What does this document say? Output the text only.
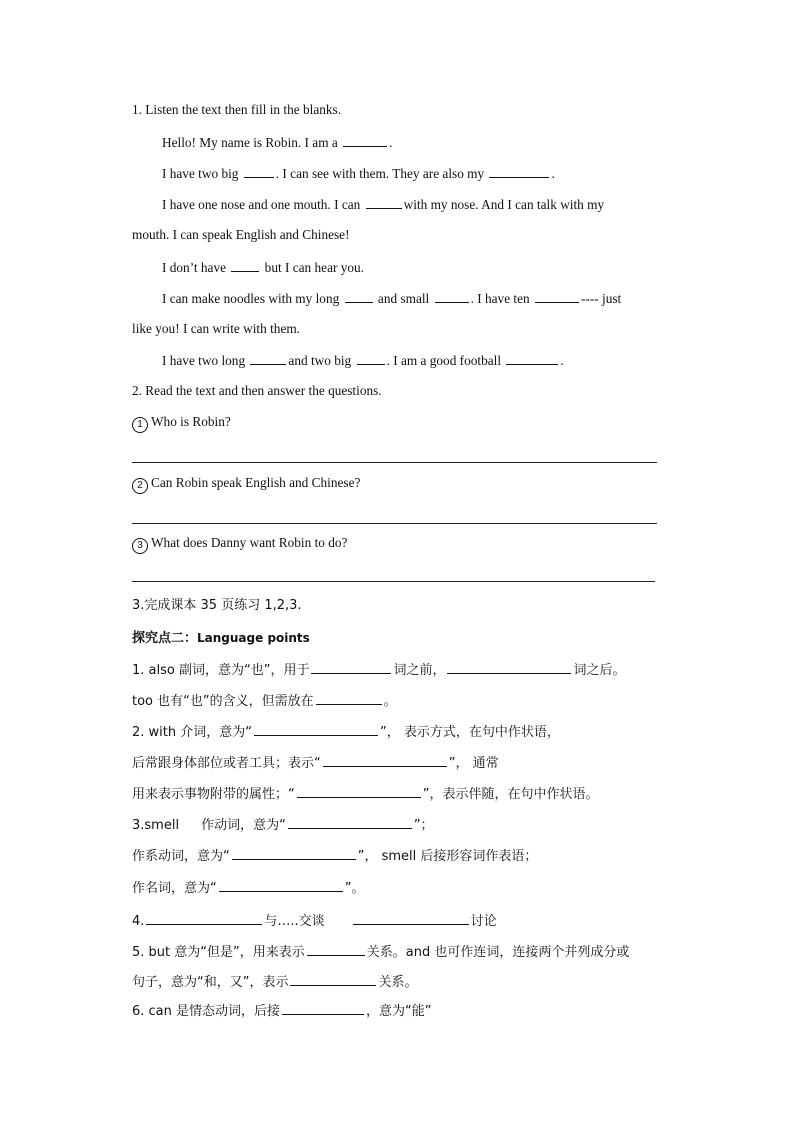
1. Listen the text then fill in the blanks.
Hello! My name is Robin. I am a	.
I have two big	. I can see with them. They are also my	.
I have one nose and one mouth. I can	with my nose. And I can talk with my
mouth. I can speak English and Chinese!
I don’t have	but I can hear you.
I can make noodles with my long	and small	. I have ten	---- just
like you! I can write with them.
I have two long	and two big	. I am a good football	.
2. Read the text and then answer the questions.
1 Who is Robin?
2 Can Robin speak English and Chinese?
3 What does Danny want Robin to do?
3.完成课本 35 页练习 1,2,3.
探究点二：Language points
1. also 副词，意为“也”，用于	词之前，	词之后。
too 也有“也”的含义，但需放在	。
2. with 介词，意为“	”， 表示方式，在句中作状语，
后常跟身体部位或者工具；表示“	”， 通常
用来表示事物附带的属性；“	”，表示伴随，在句中作状语。
3.smell 作动词，意为“	”；
作系动词，意为“	”， smell 后接形容词作表语；
作名词，意为“	”。
4.	与…..交谈	讨论
5. but 意为“但是”，用来表示	关系。and 也可作连词，连接两个并列成分或
句子，意为“和，又”，表示	关系。
6. can 是情态动词，后接	，意为“能”
